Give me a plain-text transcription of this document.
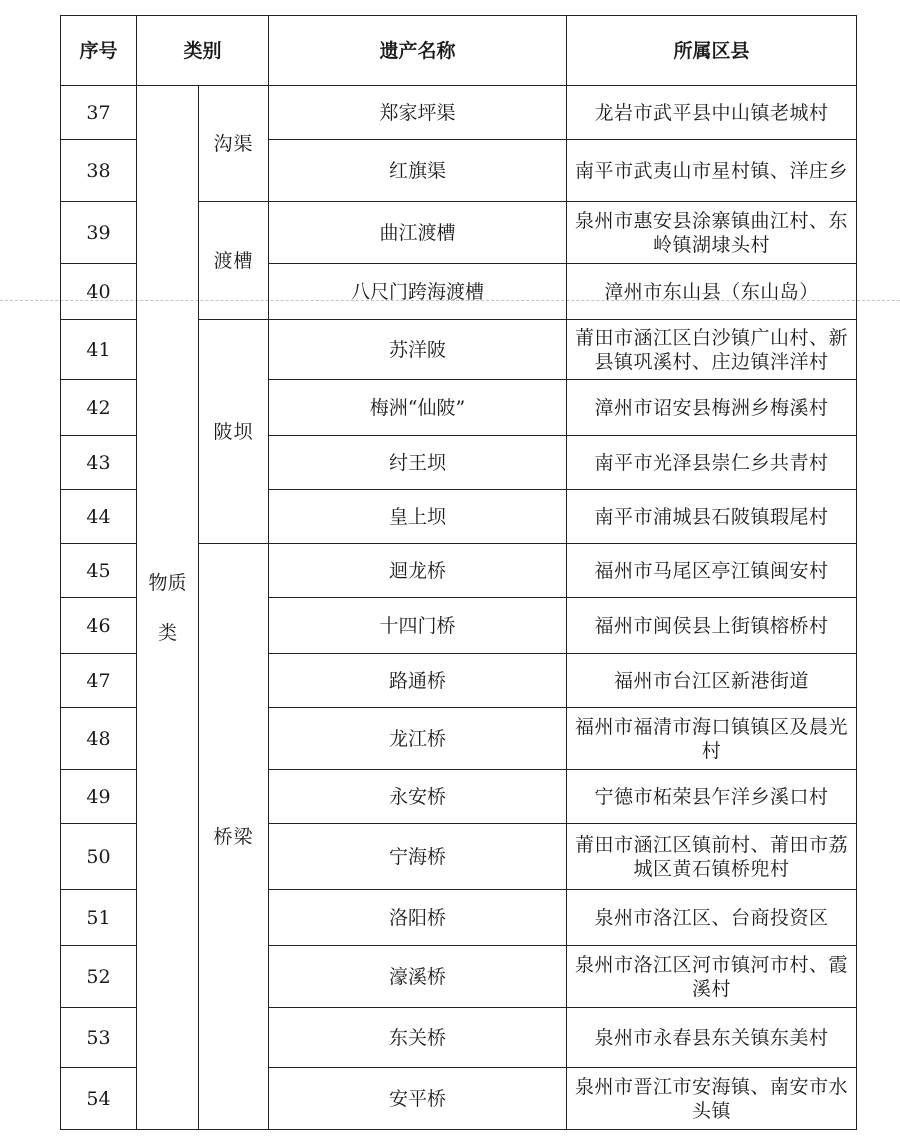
序号	类别		遗产名称	所属区县
37	物质类	沟渠	郑家坪渠	龙岩市武平县中山镇老城村
38			红旗渠	南平市武夷山市星村镇、洋庄乡
39		渡槽	曲江渡槽	泉州市惠安县涂寨镇曲江村、东岭镇湖埭头村
40			八尺门跨海渡槽	漳州市东山县（东山岛）
41		陂坝	苏洋陂	莆田市涵江区白沙镇广山村、新县镇巩溪村、庄边镇泮洋村
42			梅洲“仙陂”	漳州市诏安县梅洲乡梅溪村
43			纣王坝	南平市光泽县崇仁乡共青村
44			皇上坝	南平市浦城县石陂镇瑕尾村
45		桥梁	迴龙桥	福州市马尾区亭江镇闽安村
46			十四门桥	福州市闽侯县上街镇榕桥村
47			路通桥	福州市台江区新港街道
48			龙江桥	福州市福清市海口镇镇区及晨光村
49			永安桥	宁德市柘荣县乍洋乡溪口村
50			宁海桥	莆田市涵江区镇前村、莆田市荔城区黄石镇桥兜村
51			洛阳桥	泉州市洛江区、台商投资区
52			濠溪桥	泉州市洛江区河市镇河市村、霞溪村
53			东关桥	泉州市永春县东关镇东美村
54			安平桥	泉州市晋江市安海镇、南安市水头镇
